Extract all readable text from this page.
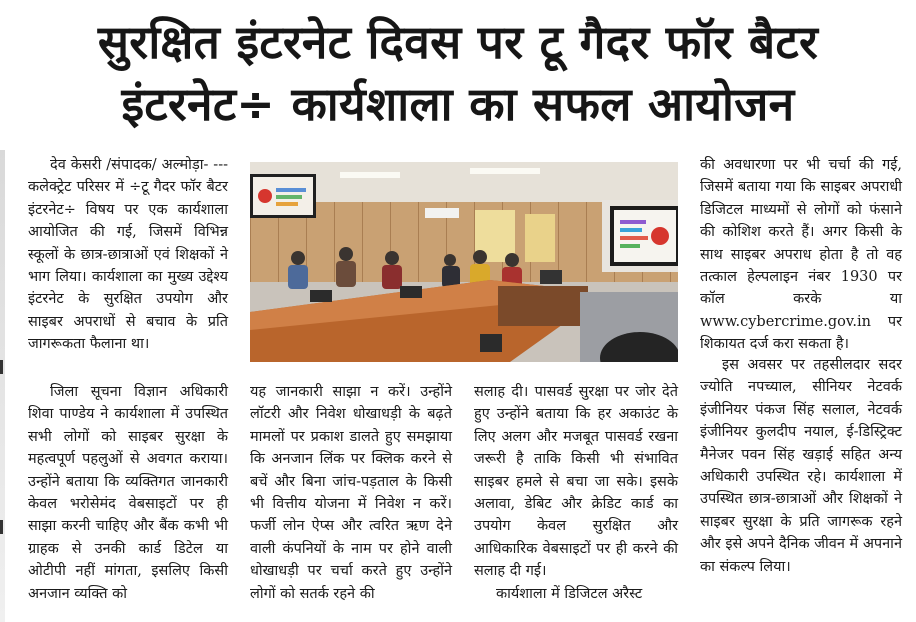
सुरक्षित इंटरनेट दिवस पर टू गैदर फॉर बैटर
इंटरनेट÷ कार्यशाला का सफल आयोजन

देव केसरी /संपादक/ अल्मोड़ा- ---कलेक्ट्रेट परिसर में ÷टू गैदर फॉर बैटर इंटरनेट÷ विषय पर एक कार्यशाला आयोजित की गई, जिसमें विभिन्न स्कूलों के छात्र-छात्राओं एवं शिक्षकों ने भाग लिया। कार्यशाला का मुख्य उद्देश्य इंटरनेट के सुरक्षित उपयोग और साइबर अपराधों से बचाव के प्रति जागरूकता फैलाना था।

जिला सूचना विज्ञान अधिकारी शिवा पाण्डेय ने कार्यशाला में उपस्थित सभी लोगों को साइबर सुरक्षा के महत्वपूर्ण पहलुओं से अवगत कराया। उन्होंने बताया कि व्यक्तिगत जानकारी केवल भरोसेमंद वेबसाइटों पर ही साझा करनी चाहिए और बैंक कभी भी ग्राहक से उनकी कार्ड डिटेल या ओटीपी नहीं मांगता, इसलिए किसी अनजान व्यक्ति को

यह जानकारी साझा न करें। उन्होंने लॉटरी और निवेश धोखाधड़ी के बढ़ते मामलों पर प्रकाश डालते हुए समझाया कि अनजान लिंक पर क्लिक करने से बचें और बिना जांच-पड़ताल के किसी भी वित्तीय योजना में निवेश न करें।फर्जी लोन ऐप्स और त्वरित ऋण देने वाली कंपनियों के नाम पर होने वाली धोखाधड़ी पर चर्चा करते हुए उन्होंने लोगों को सतर्क रहने की

सलाह दी। पासवर्ड सुरक्षा पर जोर देते हुए उन्होंने बताया कि हर अकाउंट के लिए अलग और मजबूत पासवर्ड रखना जरूरी है ताकि किसी भी संभावित साइबर हमले से बचा जा सके। इसके अलावा, डेबिट और क्रेडिट कार्ड का उपयोग केवल सुरक्षित और आधिकारिक वेबसाइटों पर ही करने की सलाह दी गई।

कार्यशाला में डिजिटल अरैस्ट

की अवधारणा पर भी चर्चा की गई, जिसमें बताया गया कि साइबर अपराधी डिजिटल माध्यमों से लोगों को फंसाने की कोशिश करते हैं। अगर किसी के साथ साइबर अपराध होता है तो वह तत्काल हेल्पलाइन नंबर 1930 पर कॉल करके या www.cybercrime.gov.in पर शिकायत दर्ज करा सकता है।

इस अवसर पर तहसीलदार सदर ज्योति नपच्याल, सीनियर नेटवर्क इंजीनियर पंकज सिंह सलाल, नेटवर्क इंजीनियर कुलदीप नयाल, ई-डिस्ट्रिक्ट मैनेजर पवन सिंह खड़ाई सहित अन्य अधिकारी उपस्थित रहे। कार्यशाला में उपस्थित छात्र-छात्राओं और शिक्षकों ने साइबर सुरक्षा के प्रति जागरूक रहने और इसे अपने दैनिक जीवन में अपनाने का संकल्प लिया।
